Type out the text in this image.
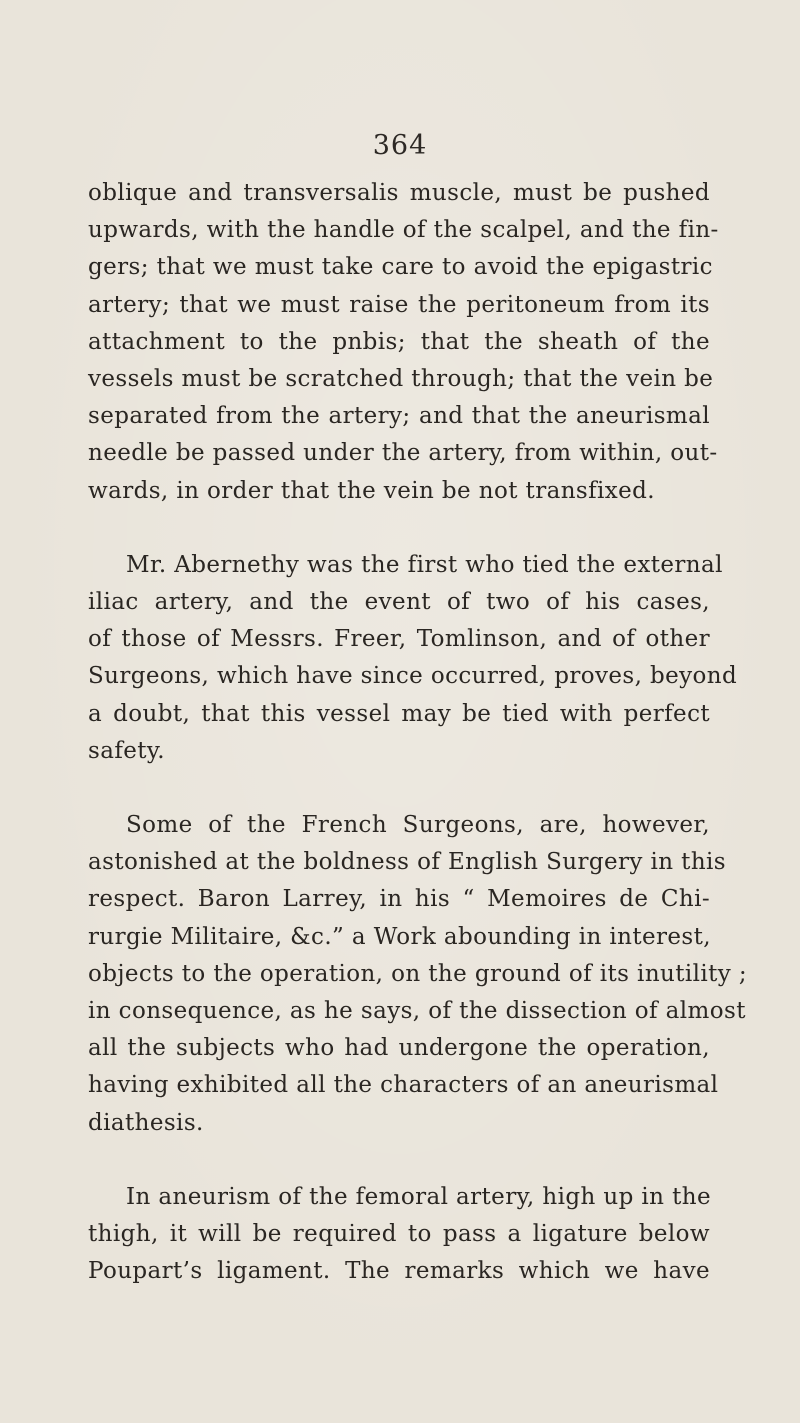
364

oblique and transversalis muscle, must be pushed
upwards, with the handle of the scalpel, and the fin-
gers; that we must take care to avoid the epigastric
artery; that we must raise the peritoneum from its
attachment to the pnbis; that the sheath of the
vessels must be scratched through; that the vein be
separated from the artery; and that the aneurismal
needle be passed under the artery, from within, out-
wards, in order that the vein be not transfixed.

Mr. Abernethy was the first who tied the external
iliac artery, and the event of two of his cases,
of those of Messrs. Freer, Tomlinson, and of other
Surgeons, which have since occurred, proves, beyond
a doubt, that this vessel may be tied with perfect
safety.

Some of the French Surgeons, are, however,
astonished at the boldness of English Surgery in this
respect. Baron Larrey, in his “ Memoires de Chi-
rurgie Militaire, &c.” a Work abounding in interest,
objects to the operation, on the ground of its inutility ;
in consequence, as he says, of the dissection of almost
all the subjects who had undergone the operation,
having exhibited all the characters of an aneurismal
diathesis.

In aneurism of the femoral artery, high up in the
thigh, it will be required to pass a ligature below
Poupart’s ligament. The remarks which we have
